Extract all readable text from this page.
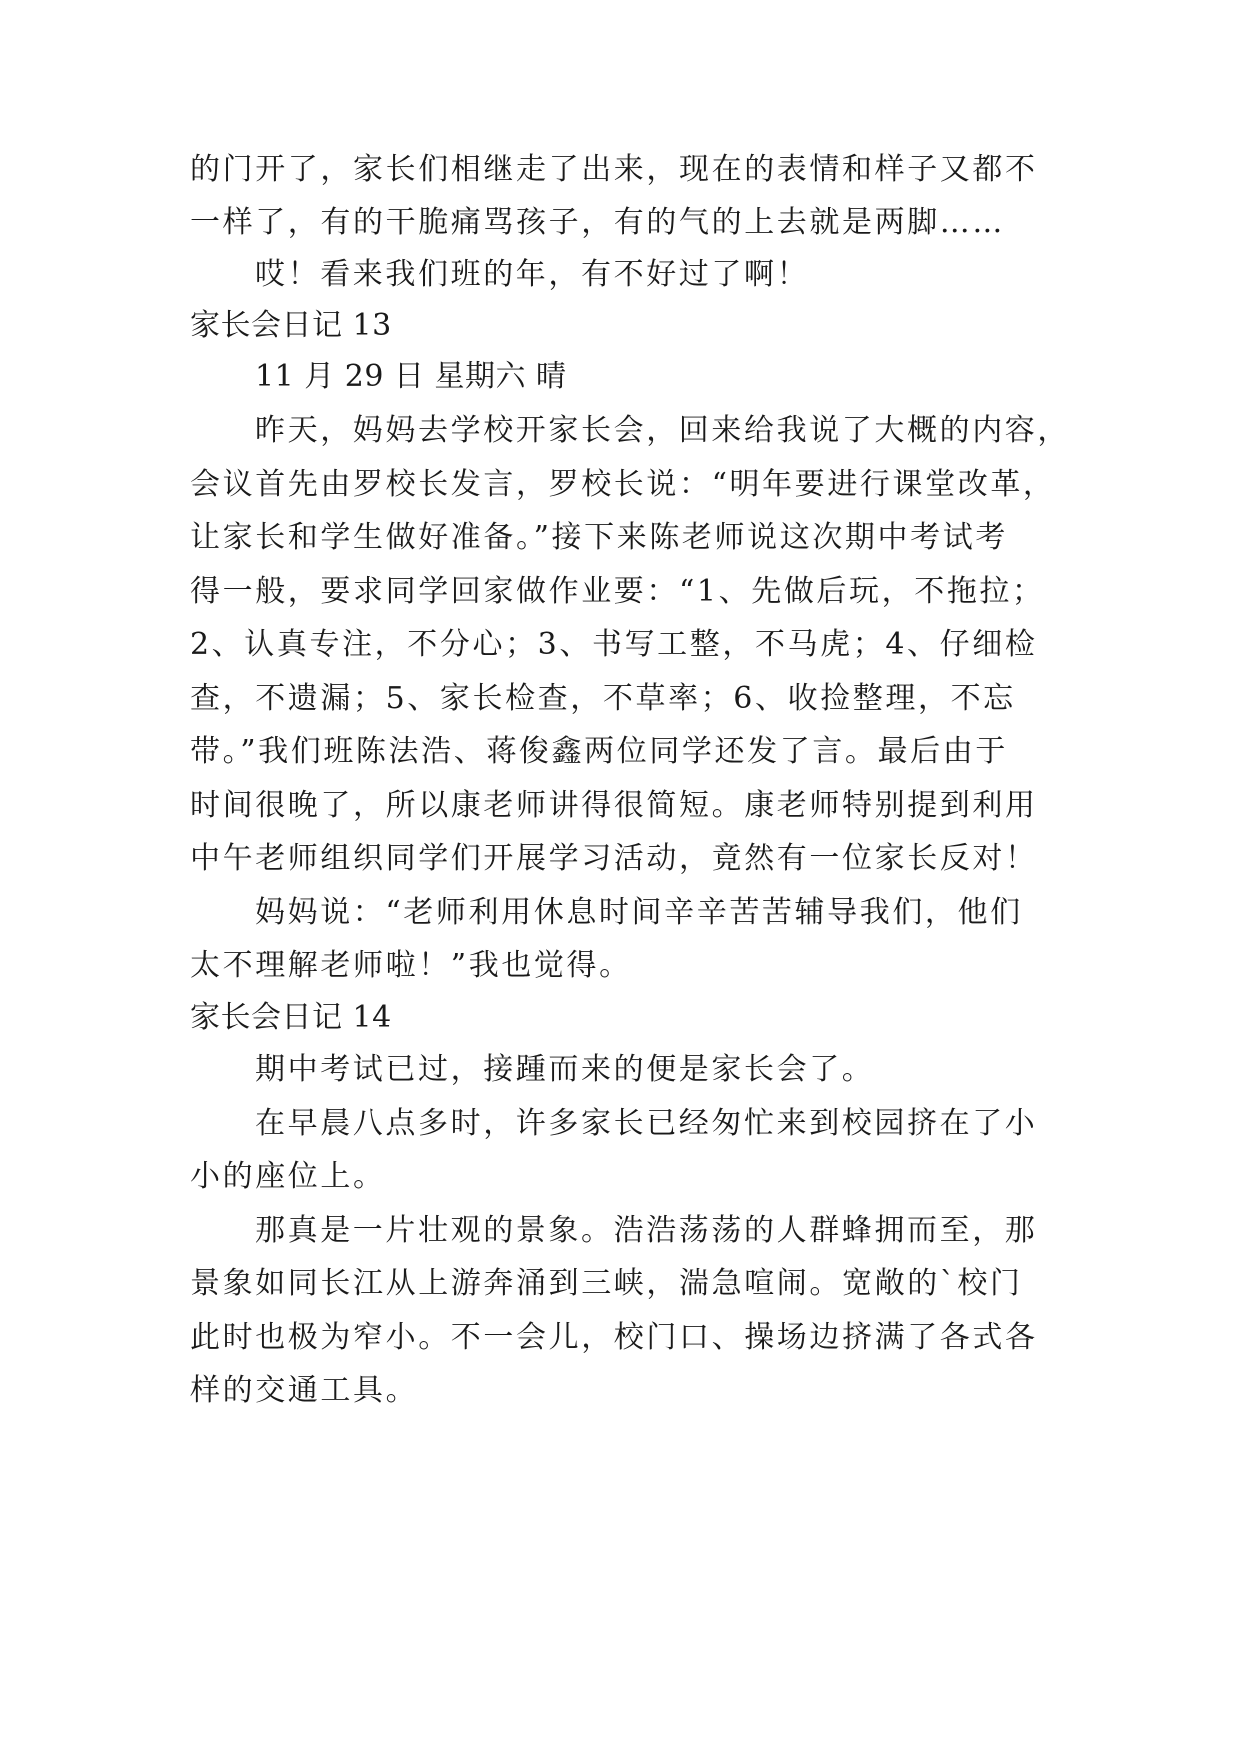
的门开了，家长们相继走了出来，现在的表情和样子又都不
一样了，有的干脆痛骂孩子，有的气的上去就是两脚……
哎！看来我们班的年，有不好过了啊！
家长会日记 13
11 月 29 日 星期六 晴
昨天，妈妈去学校开家长会，回来给我说了大概的内容，
会议首先由罗校长发言，罗校长说：“明年要进行课堂改革，
让家长和学生做好准备。”接下来陈老师说这次期中考试考
得一般，要求同学回家做作业要：“1、先做后玩，不拖拉；
2、认真专注，不分心；3、书写工整，不马虎；4、仔细检
查，不遗漏；5、家长检查，不草率；6、收捡整理，不忘
带。”我们班陈法浩、蒋俊鑫两位同学还发了言。最后由于
时间很晚了，所以康老师讲得很简短。康老师特别提到利用
中午老师组织同学们开展学习活动，竟然有一位家长反对！
妈妈说：“老师利用休息时间辛辛苦苦辅导我们，他们
太不理解老师啦！”我也觉得。
家长会日记 14
期中考试已过，接踵而来的便是家长会了。
在早晨八点多时，许多家长已经匆忙来到校园挤在了小
小的座位上。
那真是一片壮观的景象。浩浩荡荡的人群蜂拥而至，那
景象如同长江从上游奔涌到三峡，湍急喧闹。宽敞的`校门
此时也极为窄小。不一会儿，校门口、操场边挤满了各式各
样的交通工具。
